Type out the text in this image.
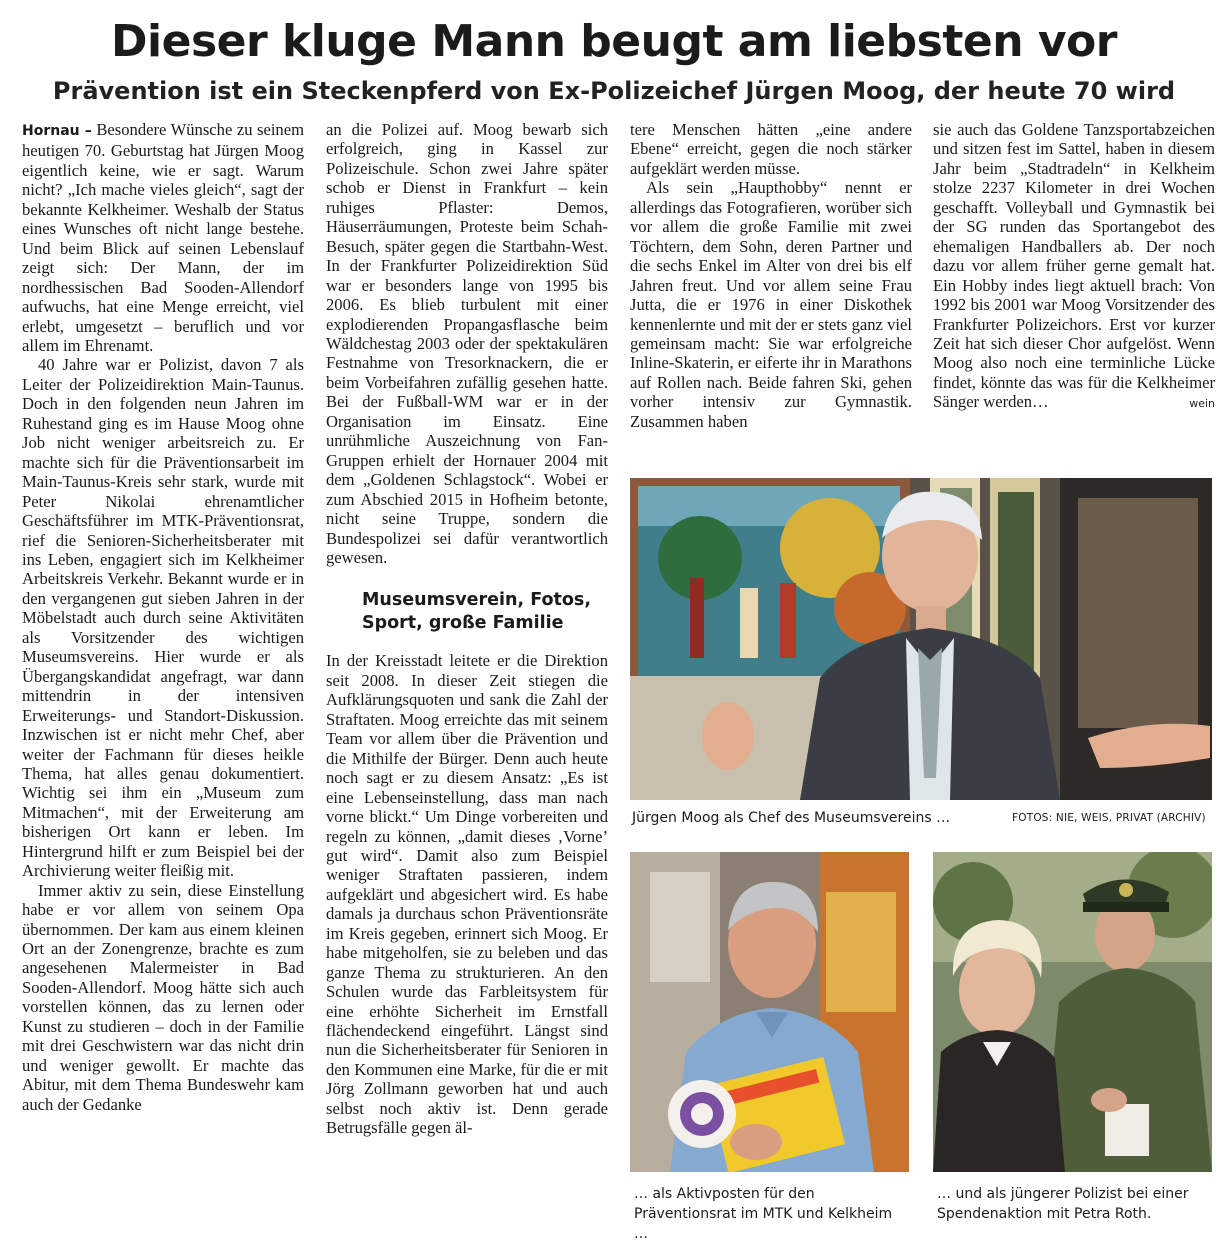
Dieser kluge Mann beugt am liebsten vor
Prävention ist ein Steckenpferd von Ex-Polizeichef Jürgen Moog, der heute 70 wird

Hornau – Besondere Wünsche zu seinem heutigen 70. Geburtstag hat Jürgen Moog eigentlich keine, wie er sagt. Warum nicht? „Ich mache vieles gleich“, sagt der bekannte Kelkheimer. Weshalb der Status eines Wunsches oft nicht lange bestehe. Und beim Blick auf seinen Lebenslauf zeigt sich: Der Mann, der im nordhessischen Bad Sooden-Allendorf aufwuchs, hat eine Menge erreicht, viel erlebt, umgesetzt – beruflich und vor allem im Ehrenamt.

40 Jahre war er Polizist, davon 7 als Leiter der Polizeidirektion Main-Taunus. Doch in den folgenden neun Jahren im Ruhestand ging es im Hause Moog ohne Job nicht weniger arbeitsreich zu. Er machte sich für die Präventionsarbeit im Main-Taunus-Kreis sehr stark, wurde mit Peter Nikolai ehrenamtlicher Geschäftsführer im MTK-Präventionsrat, rief die Senioren-Sicherheitsberater mit ins Leben, engagiert sich im Kelkheimer Arbeitskreis Verkehr. Bekannt wurde er in den vergangenen gut sieben Jahren in der Möbelstadt auch durch seine Aktivitäten als Vorsitzender des wichtigen Museumsvereins. Hier wurde er als Übergangskandidat angefragt, war dann mittendrin in der intensiven Erweiterungs- und Standort-Diskussion. Inzwischen ist er nicht mehr Chef, aber weiter der Fachmann für dieses heikle Thema, hat alles genau dokumentiert. Wichtig sei ihm ein „Museum zum Mitmachen“, mit der Erweiterung am bisherigen Ort kann er leben. Im Hintergrund hilft er zum Beispiel bei der Archivierung weiter fleißig mit.

Immer aktiv zu sein, diese Einstellung habe er vor allem von seinem Opa übernommen. Der kam aus einem kleinen Ort an der Zonengrenze, brachte es zum angesehenen Malermeister in Bad Sooden-Allendorf. Moog hätte sich auch vorstellen können, das zu lernen oder Kunst zu studieren – doch in der Familie mit drei Geschwistern war das nicht drin und weniger gewollt. Er machte das Abitur, mit dem Thema Bundeswehr kam auch der Gedanke

an die Polizei auf. Moog bewarb sich erfolgreich, ging in Kassel zur Polizeischule. Schon zwei Jahre später schob er Dienst in Frankfurt – kein ruhiges Pflaster: Demos, Häuserräumungen, Proteste beim Schah-Besuch, später gegen die Startbahn-West. In der Frankfurter Polizeidirektion Süd war er besonders lange von 1995 bis 2006. Es blieb turbulent mit einer explodierenden Propangasflasche beim Wäldchestag 2003 oder der spektakulären Festnahme von Tresorknackern, die er beim Vorbeifahren zufällig gesehen hatte. Bei der Fußball-WM war er in der Organisation im Einsatz. Eine unrühmliche Auszeichnung von Fan-Gruppen erhielt der Hornauer 2004 mit dem „Goldenen Schlagstock“. Wobei er zum Abschied 2015 in Hofheim betonte, nicht seine Truppe, sondern die Bundespolizei sei dafür verantwortlich gewesen.

Museumsverein, Fotos, Sport, große Familie

In der Kreisstadt leitete er die Direktion seit 2008. In dieser Zeit stiegen die Aufklärungsquoten und sank die Zahl der Straftaten. Moog erreichte das mit seinem Team vor allem über die Prävention und die Mithilfe der Bürger. Denn auch heute noch sagt er zu diesem Ansatz: „Es ist eine Lebenseinstellung, dass man nach vorne blickt.“ Um Dinge vorbereiten und regeln zu können, „damit dieses ‚Vorne’ gut wird“. Damit also zum Beispiel weniger Straftaten passieren, indem aufgeklärt und abgesichert wird. Es habe damals ja durchaus schon Präventionsräte im Kreis gegeben, erinnert sich Moog. Er habe mitgeholfen, sie zu beleben und das ganze Thema zu strukturieren. An den Schulen wurde das Farbleitsystem für eine erhöhte Sicherheit im Ernstfall flächendeckend eingeführt. Längst sind nun die Sicherheitsberater für Senioren in den Kommunen eine Marke, für die er mit Jörg Zollmann geworben hat und auch selbst noch aktiv ist. Denn gerade Betrugsfälle gegen äl-

tere Menschen hätten „eine andere Ebene“ erreicht, gegen die noch stärker aufgeklärt werden müsse.

Als sein „Haupthobby“ nennt er allerdings das Fotografieren, worüber sich vor allem die große Familie mit zwei Töchtern, dem Sohn, deren Partner und die sechs Enkel im Alter von drei bis elf Jahren freut. Und vor allem seine Frau Jutta, die er 1976 in einer Diskothek kennenlernte und mit der er stets ganz viel gemeinsam macht: Sie war erfolgreiche Inline-Skaterin, er eiferte ihr in Marathons auf Rollen nach. Beide fahren Ski, gehen vorher intensiv zur Gymnastik. Zusammen haben

sie auch das Goldene Tanzsportabzeichen und sitzen fest im Sattel, haben in diesem Jahr beim „Stadtradeln“ in Kelkheim stolze 2237 Kilometer in drei Wochen geschafft. Volleyball und Gymnastik bei der SG runden das Sportangebot des ehemaligen Handballers ab. Der noch dazu vor allem früher gerne gemalt hat. Ein Hobby indes liegt aktuell brach: Von 1992 bis 2001 war Moog Vorsitzender des Frankfurter Polizeichors. Erst vor kurzer Zeit hat sich dieser Chor aufgelöst. Wenn Moog also noch eine terminliche Lücke findet, könnte das was für die Kelkheimer Sänger werden…	wein

Jürgen Moog als Chef des Museumsvereins …	FOTOS: NIE, WEIS, PRIVAT (ARCHIV)
… als Aktivposten für den Präventionsrat im MTK und Kelkheim …
… und als jüngerer Polizist bei einer Spendenaktion mit Petra Roth.
